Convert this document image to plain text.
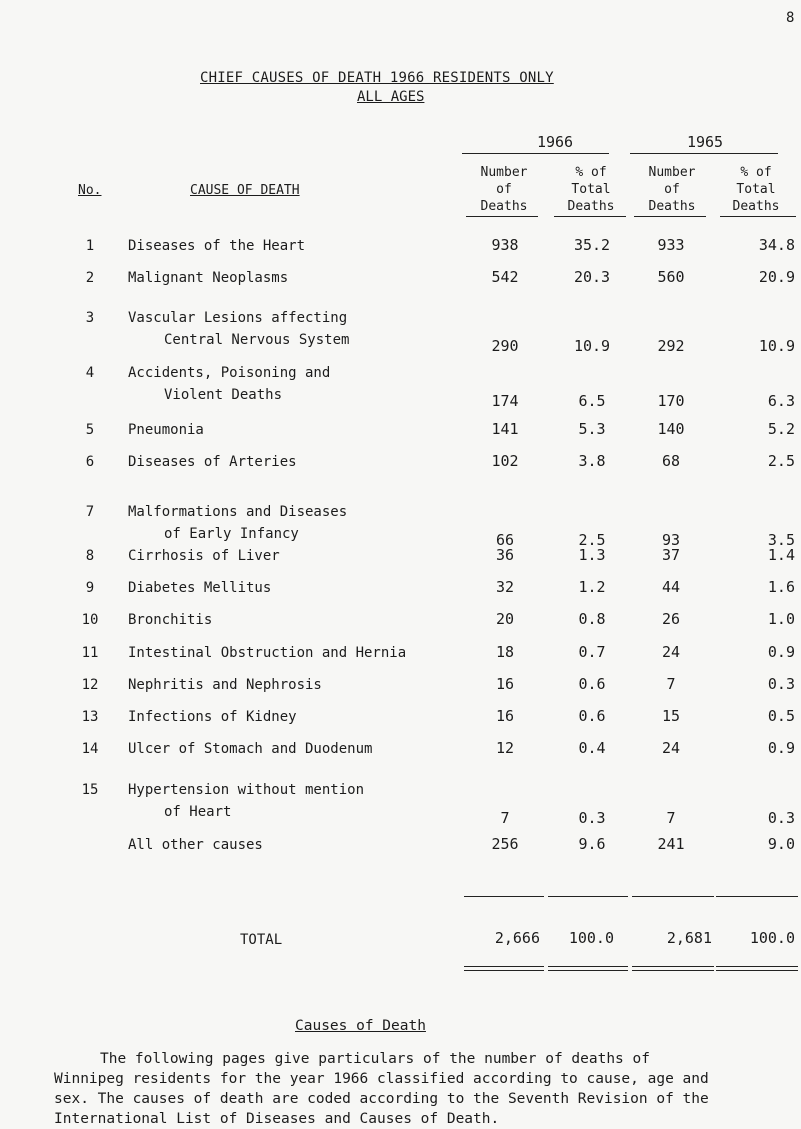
8
CHIEF CAUSES OF DEATH 1966 RESIDENTS ONLY
ALL AGES
1966	1965
No.	CAUSE OF DEATH
Number
of
Deaths
% of
Total
Deaths
Number
of
Deaths
% of
Total
Deaths
1	Diseases of the Heart	938	35.2	933	34.8
2	Malignant Neoplasms	542	20.3	560	20.9
3	Vascular Lesions affecting
Central Nervous System	290	10.9	292	10.9
4	Accidents, Poisoning and
Violent Deaths	174	6.5	170	6.3
5	Pneumonia	141	5.3	140	5.2
6	Diseases of Arteries	102	3.8	68	2.5
7	Malformations and Diseases
of Early Infancy	66	2.5	93	3.5
8	Cirrhosis of Liver	36	1.3	37	1.4
9	Diabetes Mellitus	32	1.2	44	1.6
10	Bronchitis	20	0.8	26	1.0
11	Intestinal Obstruction and Hernia	18	0.7	24	0.9
12	Nephritis and Nephrosis	16	0.6	7	0.3
13	Infections of Kidney	16	0.6	15	0.5
14	Ulcer of Stomach and Duodenum	12	0.4	24	0.9
15	Hypertension without mention
of Heart	7	0.3	7	0.3
All other causes	256	9.6	241	9.0
TOTAL	2,666	100.0	2,681	100.0
Causes of Death
The following pages give particulars of the number of deaths of
Winnipeg residents for the year 1966 classified according to cause, age and
sex. The causes of death are coded according to the Seventh Revision of the
International List of Diseases and Causes of Death.
